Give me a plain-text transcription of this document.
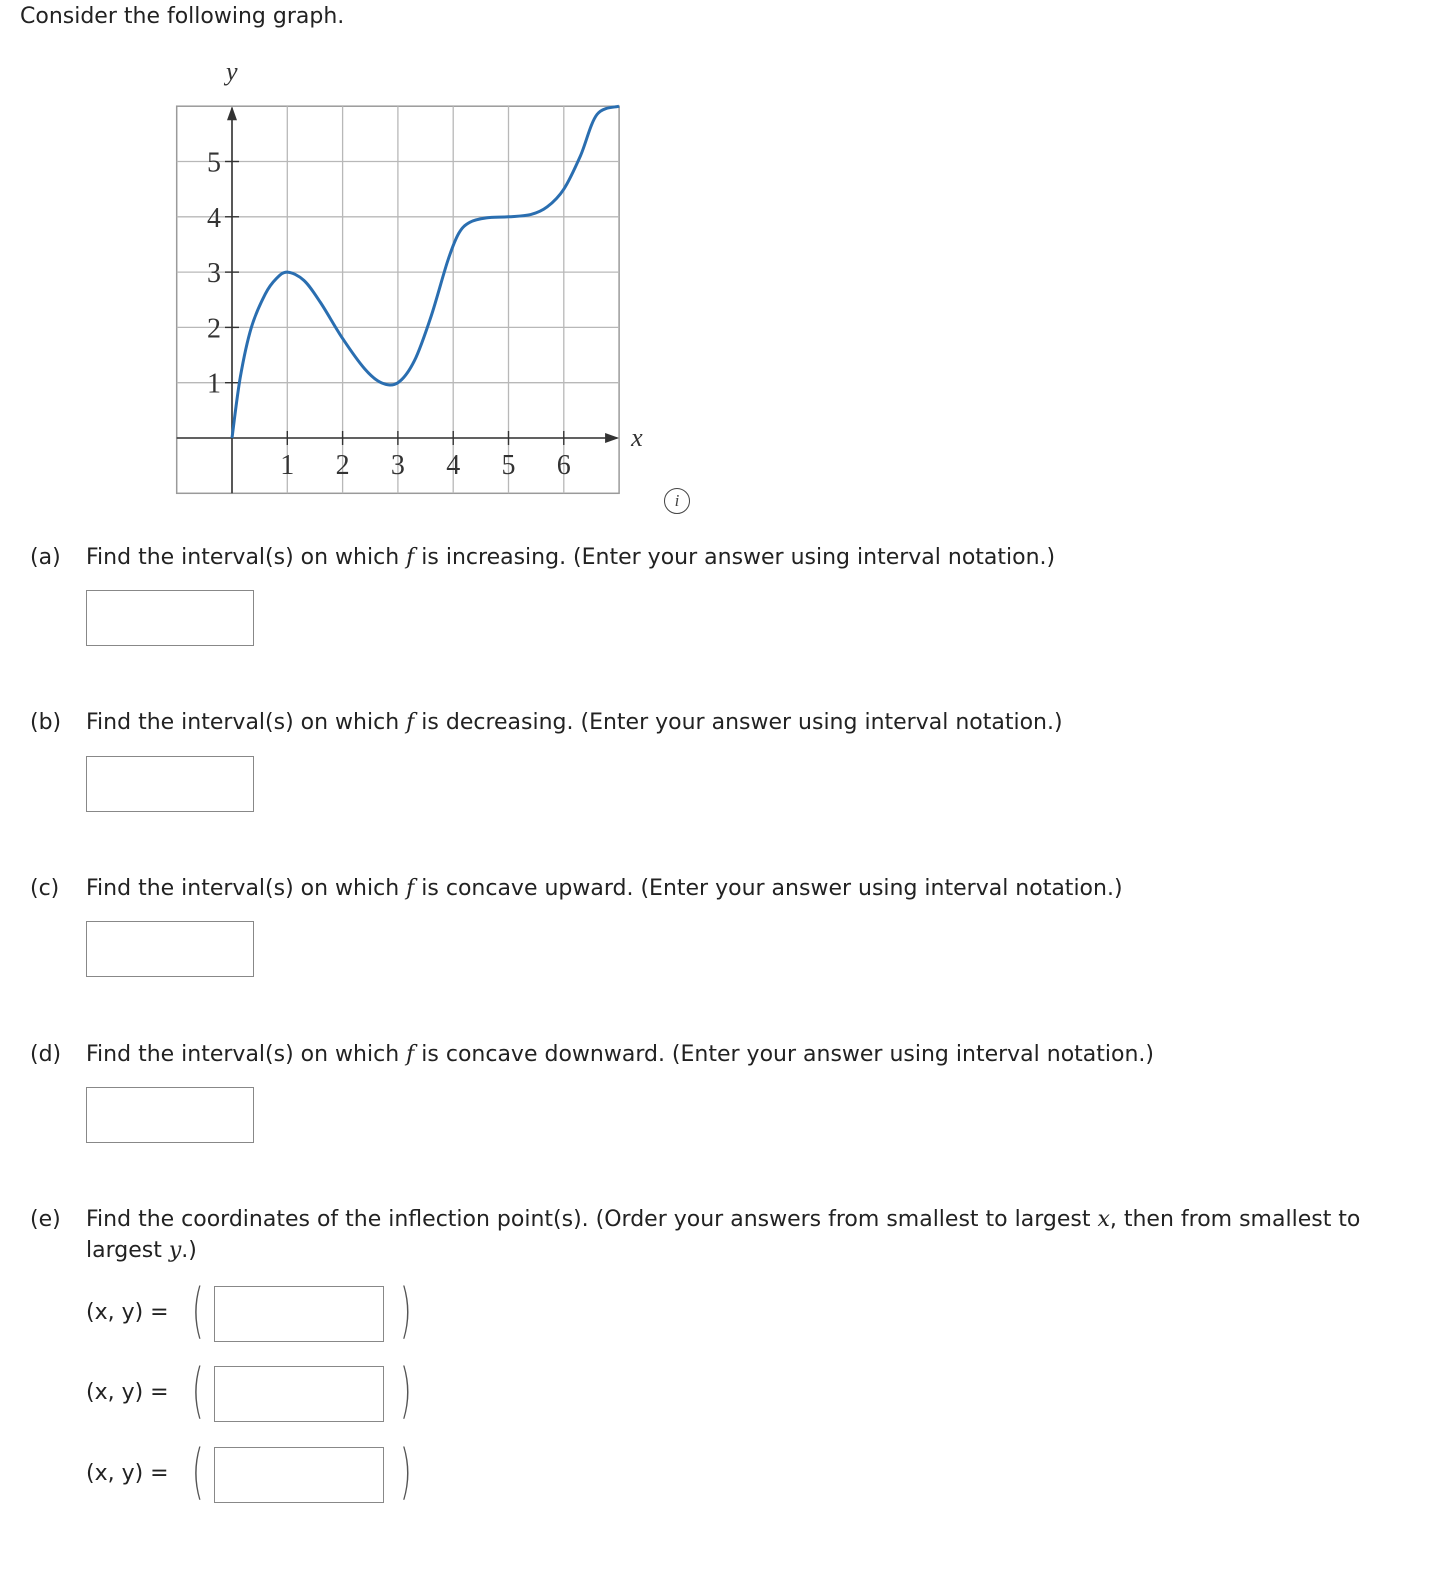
Consider the following graph.
1 2 3 4 5 6
1
2
3
4
5
x
y
i
(a) Find the interval(s) on which f is increasing. (Enter your answer using interval notation.)
(b) Find the interval(s) on which f is decreasing. (Enter your answer using interval notation.)
(c) Find the interval(s) on which f is concave upward. (Enter your answer using interval notation.)
(d) Find the interval(s) on which f is concave downward. (Enter your answer using interval notation.)
(e) Find the coordinates of the inflection point(s). (Order your answers from smallest to largest x, then from smallest to largest y.)
(x, y) = (	)
(x, y) = (	)
(x, y) = (	)
